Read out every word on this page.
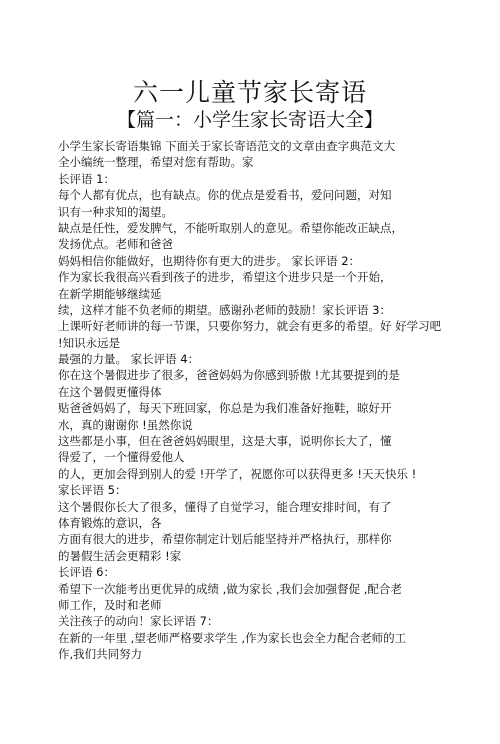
六一儿童节家长寄语
【篇一：小学生家长寄语大全】
小学生家长寄语集锦 下面关于家长寄语范文的文章由查字典范文大
全小编统一整理，希望对您有帮助。家
长评语 1：
每个人都有优点，也有缺点。你的优点是爱看书，爱问问题，对知
识有一种求知的渴望。
缺点是任性，爱发脾气，不能听取别人的意见。希望你能改正缺点，
发扬优点。老师和爸爸
妈妈相信你能做好，也期待你有更大的进步。 家长评语 2：
作为家长我很高兴看到孩子的进步，希望这个进步只是一个开始，
在新学期能够继续延
续，这样才能不负老师的期望。感谢孙老师的鼓励！家长评语 3：
上课听好老师讲的每一节课，只要你努力，就会有更多的希望。好 好学习吧
!知识永远是
最强的力量。 家长评语 4：
你在这个暑假进步了很多，爸爸妈妈为你感到骄傲 !尤其要提到的是
在这个暑假更懂得体
贴爸爸妈妈了，每天下班回家，你总是为我们准备好拖鞋，晾好开
水，真的谢谢你 !虽然你说
这些都是小事，但在爸爸妈妈眼里，这是大事，说明你长大了，懂
得爱了，一个懂得爱他人
的人，更加会得到别人的爱 !开学了，祝愿你可以获得更多 !天天快乐 !
家长评语 5：
这个暑假你长大了很多，懂得了自觉学习，能合理安排时间，有了
体育锻炼的意识，各
方面有很大的进步，希望你制定计划后能坚持并严格执行，那样你
的暑假生活会更精彩 !家
长评语 6：
希望下一次能考出更优异的成绩 ,做为家长 ,我们会加强督促 ,配合老
师工作，及时和老师
关注孩子的动向！家长评语 7：
在新的一年里 ,望老师严格要求学生 ,作为家长也会全力配合老师的工
作,我们共同努力
